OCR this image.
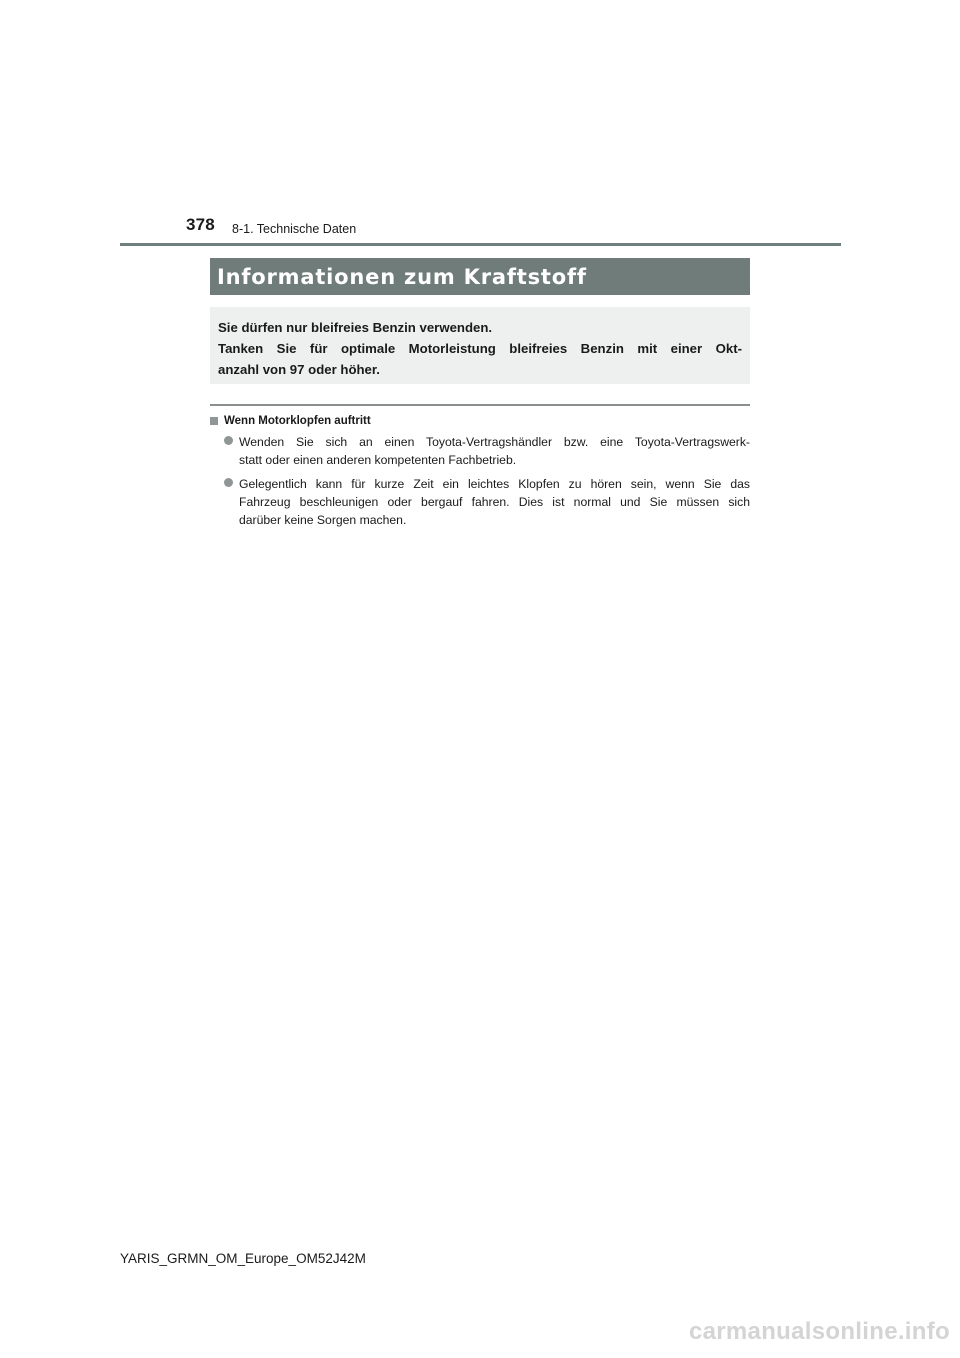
378 8-1. Technische Daten
Informationen zum Kraftstoff
Sie dürfen nur bleifreies Benzin verwenden.
Tanken Sie für optimale Motorleistung bleifreies Benzin mit einer Okt-
anzahl von 97 oder höher.
Wenn Motorklopfen auftritt
Wenden Sie sich an einen Toyota-Vertragshändler bzw. eine Toyota-Vertragswerk-
statt oder einen anderen kompetenten Fachbetrieb.
Gelegentlich kann für kurze Zeit ein leichtes Klopfen zu hören sein, wenn Sie das
Fahrzeug beschleunigen oder bergauf fahren. Dies ist normal und Sie müssen sich
darüber keine Sorgen machen.
YARIS_GRMN_OM_Europe_OM52J42M
carmanualsonline.info
